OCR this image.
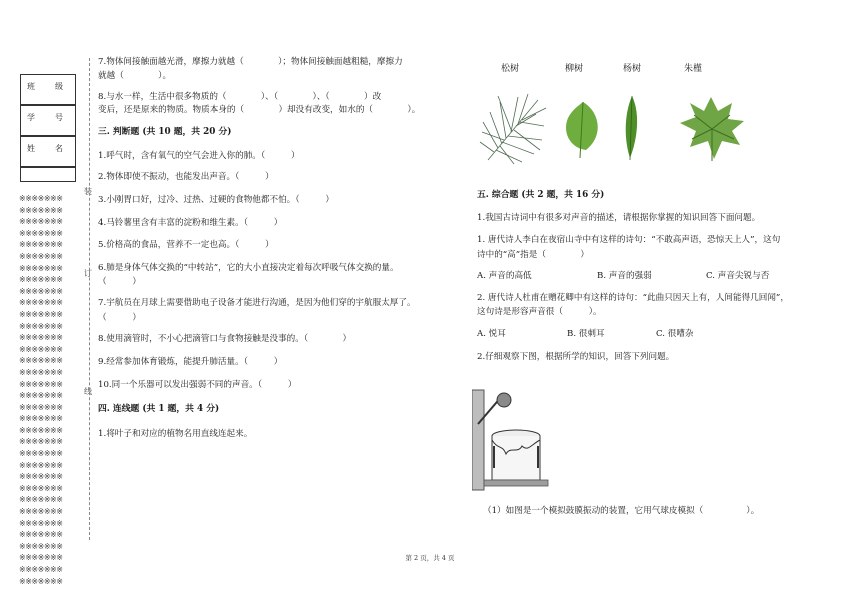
班　级
学　号
姓　名
※※※※※※※
※※※※※※※
※※※※※※※
※※※※※※※
※※※※※※※
※※※※※※※
※※※※※※※
※※※※※※※
※※※※※※※
※※※※※※※
※※※※※※※
※※※※※※※
※※※※※※※
※※※※※※※
※※※※※※※
※※※※※※※
※※※※※※※
※※※※※※※
※※※※※※※
※※※※※※※
※※※※※※※
※※※※※※※
※※※※※※※
※※※※※※※
※※※※※※※
※※※※※※※
※※※※※※※
※※※※※※※
※※※※※※※
※※※※※※※
※※※※※※※
※※※※※※※
※※※※※※※
※※※※※※※
装
订
线
7.物体间接触面越光滑，摩擦力就越（　　　　）；物体间接触面越粗糙，摩擦力
就越（　　　　）。
8.与水一样，生活中很多物质的（　　　　）、（　　　　）、（　　　　）改
变后，还是原来的物质。物质本身的（　　　　）却没有改变，如水的（　　　　）。
三. 判断题 (共 10 题，共 20 分)
1.呼气时，含有氧气的空气会进入你的肺。（　　　）
2.物体即使不振动，也能发出声音。（　　　）
3.小刚胃口好，过冷、过热、过硬的食物他都不怕。（　　　）
4.马铃薯里含有丰富的淀粉和维生素。（　　　）
5.价格高的食品，营养不一定也高。（　　　）
6.肺是身体气体交换的“中转站”，它的大小直接决定着每次呼吸气体交换的量。
（　　　）
7.宇航员在月球上需要借助电子设备才能进行沟通，是因为他们穿的宇航服太厚了。
（　　　）
8.使用滴管时，不小心把滴管口与食物接触是没事的。（　　　　）
9.经常参加体育锻炼，能提升肺活量。（　　　）
10.同一个乐器可以发出强弱不同的声音。（　　　）
四. 连线题 (共 1 题，共 4 分)
1.将叶子和对应的植物名用直线连起来。
松树	柳树	杨树	朱槿
五. 综合题 (共 2 题，共 16 分)
1.我国古诗词中有很多对声音的描述，请根据你掌握的知识回答下面问题。
1. 唐代诗人李白在夜宿山寺中有这样的诗句：“不敢高声语，恐惊天上人”，这句
诗中的“高”指是（　　　　）
A. 声音的高低	B. 声音的强弱	C. 声音尖锐与否
2. 唐代诗人杜甫在赠花卿中有这样的诗句：“此曲只因天上有，人间能得几回闻”，
这句诗是形容声音很（　　　）。
A. 悦耳	B. 很刺耳	C. 很嘈杂
2.仔细观察下图，根据所学的知识，回答下列问题。
（1）如图是一个模拟鼓膜振动的装置，它用气球皮模拟（　　　　　）。
第 2 页，共 4 页
